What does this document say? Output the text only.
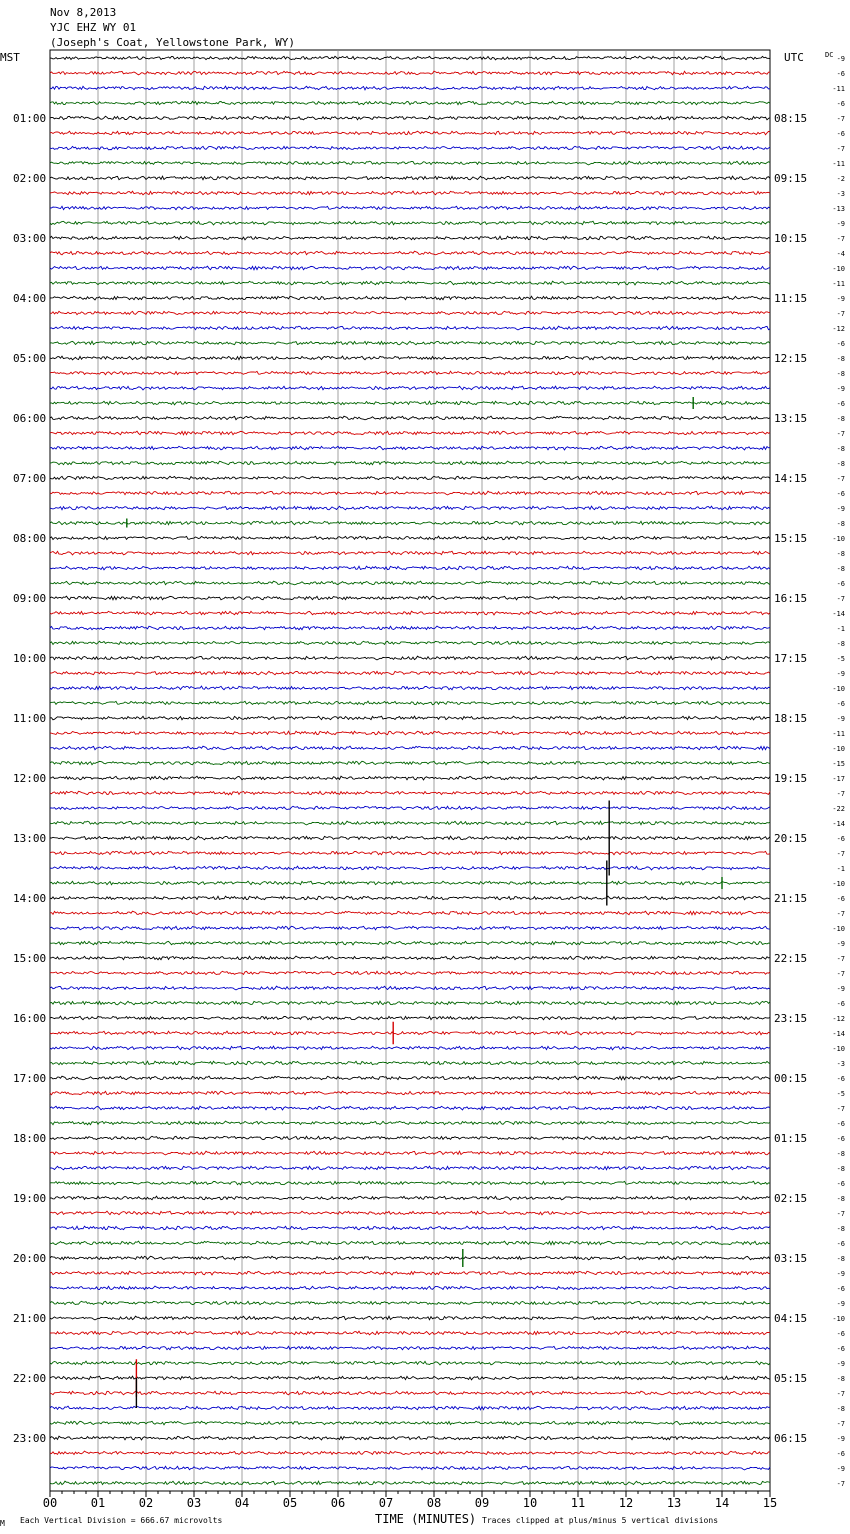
Nov 8,2013
YJC EHZ WY 01
(Joseph's Coat, Yellowstone Park, WY)
MST	UTC	DC
01:00
02:00
03:00
04:00
05:00
06:00
07:00
08:00
09:00
10:00
11:00
12:00
13:00
14:00
15:00
16:00
17:00
18:00
19:00
20:00
21:00
22:00
23:00
08:15
09:15
10:15
11:15
12:15
13:15
14:15
15:15
16:15
17:15
18:15
19:15
20:15
21:15
22:15
23:15
00:15
01:15
02:15
03:15
04:15
05:15
06:15
-9
-6
-11
-6
-7
-6
-7
-11
-2
-3
-13
-9
-7
-4
-10
-11
-9
-7
-12
-6
-8
-8
-9
-6
-8
-7
-8
-8
-7
-6
-9
-8
-10
-8
-8
-6
-7
-14
-1
-8
-5
-9
-10
-6
-9
-11
-10
-15
-17
-7
-22
-14
-6
-7
-1
-10
-6
-7
-10
-9
-7
-7
-9
-6
-12
-14
-10
-3
-6
-5
-7
-6
-6
-8
-8
-6
-8
-7
-8
-6
-8
-9
-6
-9
-10
-6
-6
-9
-8
-7
-8
-7
-9
-6
-9
-7
00	01	02	03	04	05	06	07	08	09	10	11	12	13	14	15
TIME (MINUTES)
M Each Vertical Division = 666.67 microvolts	Traces clipped at plus/minus 5 vertical divisions
